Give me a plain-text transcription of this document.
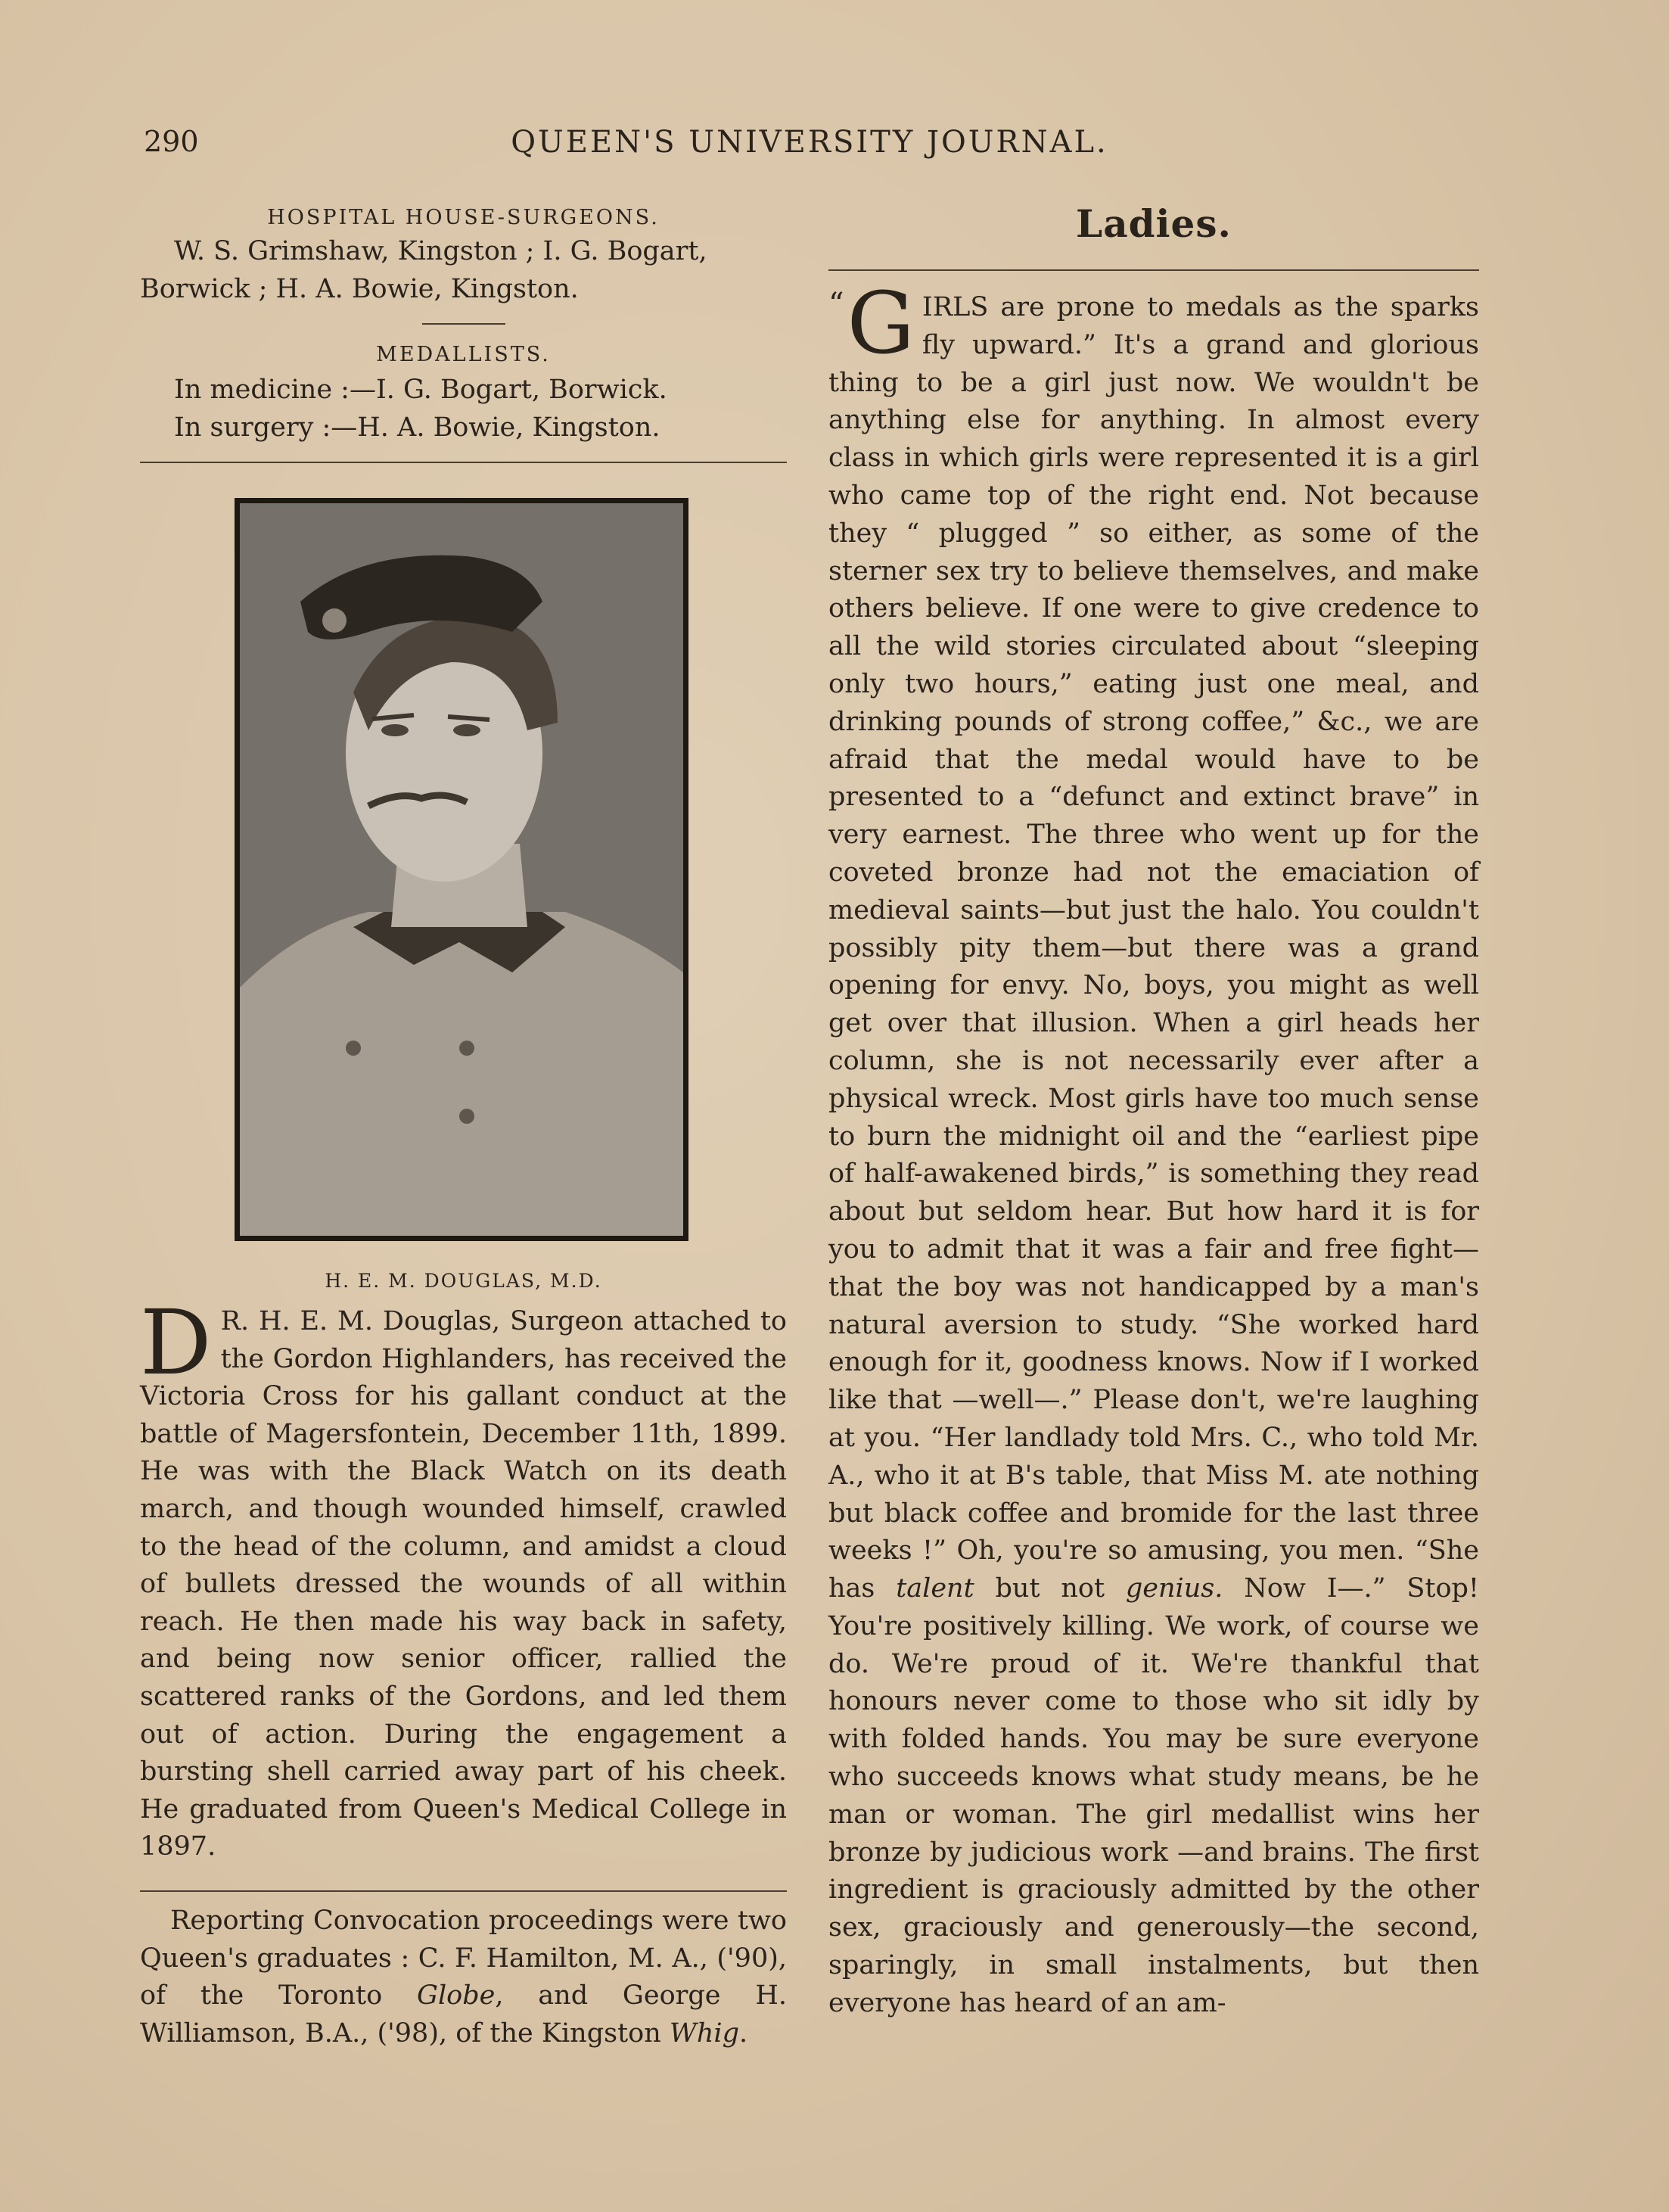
290	QUEEN'S UNIVERSITY JOURNAL.

HOSPITAL HOUSE-SURGEONS.

W. S. Grimshaw, Kingston ; I. G. Bogart,

Borwick ; H. A. Bowie, Kingston.

MEDALLISTS.

In medicine :—I. G. Bogart, Borwick.

In surgery :—H. A. Bowie, Kingston.

H. E. M. DOUGLAS, M.D.

D R. H. E. M. Douglas, Surgeon attached to the Gordon Highlanders, has received the Victoria Cross for his gallant conduct at the battle of Magersfontein, December 11th, 1899. He was with the Black Watch on its death march, and though wounded himself, crawled to the head of the column, and amidst a cloud of bullets dressed the wounds of all within reach. He then made his way back in safety, and being now senior officer, rallied the scattered ranks of the Gordons, and led them out of action. During the engagement a bursting shell carried away part of his cheek. He graduated from Queen's Medical College in 1897.

Reporting Convocation proceedings were two Queen's graduates : C. F. Hamilton, M. A., ('90), of the Toronto Globe, and George H. Williamson, B.A., ('98), of the Kingston Whig.

Ladies.

“ G IRLS are prone to medals as the sparks fly upward.” It's a grand and glorious thing to be a girl just now. We wouldn't be anything else for anything. In almost every class in which girls were represented it is a girl who came top of the right end. Not because they “ plugged ” so either, as some of the sterner sex try to believe themselves, and make others believe. If one were to give credence to all the wild stories circulated about “sleeping only two hours,” eating just one meal, and drinking pounds of strong coffee,” &c., we are afraid that the medal would have to be presented to a “defunct and extinct brave” in very earnest. The three who went up for the coveted bronze had not the emaciation of medieval saints—but just the halo. You couldn't possibly pity them—but there was a grand opening for envy. No, boys, you might as well get over that illusion. When a girl heads her column, she is not necessarily ever after a physical wreck. Most girls have too much sense to burn the midnight oil and the “earliest pipe of half-awakened birds,” is something they read about but seldom hear. But how hard it is for you to admit that it was a fair and free fight—that the boy was not handicapped by a man's natural aversion to study. “She worked hard enough for it, goodness knows. Now if I worked like that —well—.” Please don't, we're laughing at you. “Her landlady told Mrs. C., who told Mr. A., who it at B's table, that Miss M. ate nothing but black coffee and bromide for the last three weeks !” Oh, you're so amusing, you men. “She has talent but not genius. Now I—.” Stop! You're positively killing. We work, of course we do. We're proud of it. We're thankful that honours never come to those who sit idly by with folded hands. You may be sure everyone who succeeds knows what study means, be he man or woman. The girl medallist wins her bronze by judicious work —and brains. The first ingredient is graciously admitted by the other sex, graciously and generously—the second, sparingly, in small instalments, but then everyone has heard of an am-
